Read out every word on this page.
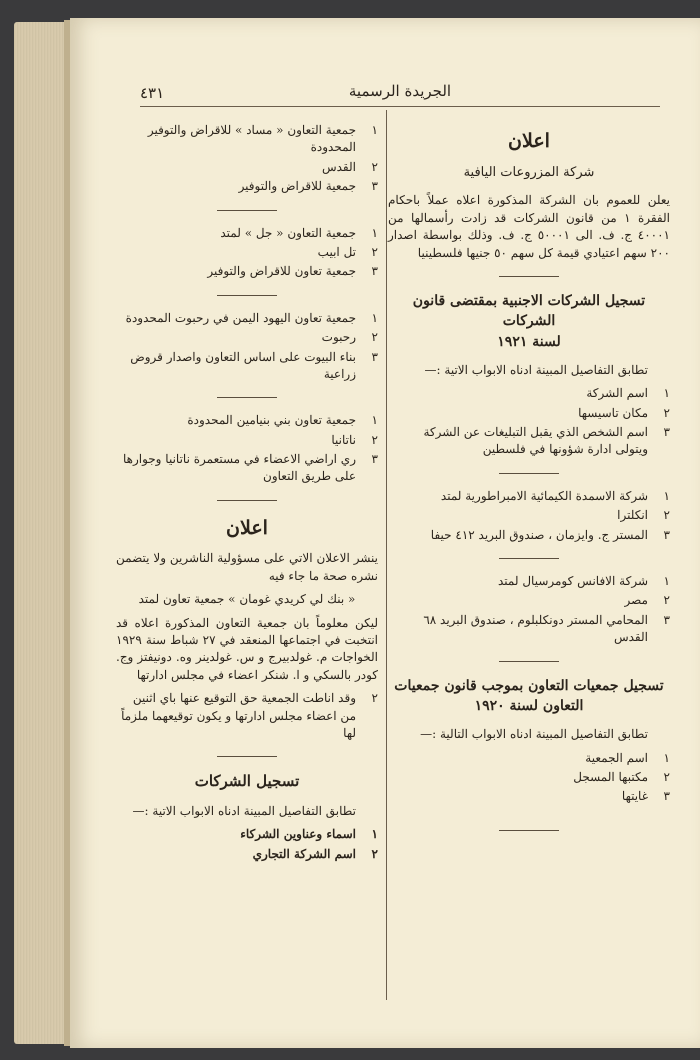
الجريدة الرسمية
٤٣١
اعلان
شركة المزروعات اليافية

يعلن للعموم بان الشركة المذكورة اعلاه عملاً باحكام الفقرة ١ من قانون الشركات قد زادت رأسمالها من ٤٠٠٠١ ج. ف. الى ٥٠٠٠١ ج. ف. وذلك بواسطة اصدار ٢٠٠ سهم اعتيادي قيمة كل سهم ٥٠ جنيها فلسطينيا

تسجيل الشركات الاجنبية بمقتضى قانون الشركات
لسنة ١٩٢١
تطابق التفاصيل المبينة ادناه الابواب الاتية :—
١
اسم الشركة
٢
مكان تاسيسها
٣
اسم الشخص الذي يقبل التبليغات عن الشركة ويتولى ادارة شؤونها في فلسطين
١
شركة الاسمدة الكيمائية الامبراطورية لمتد
٢
انكلترا
٣
المستر ج. وايزمان ، صندوق البريد ٤١٢ حيفا
١
شركة الافانس كومرسيال لمتد
٢
مصر
٣
المحامي المستر دونكلبلوم ، صندوق البريد ٦٨ القدس
تسجيل جمعيات التعاون بموجب قانون جمعيات
التعاون لسنة ١٩٢٠
تطابق التفاصيل المبينة ادناه الابواب التالية :—
١
اسم الجمعية
٢
مكتبها المسجل
٣
غايتها
١
جمعية التعاون « مساد » للاقراض والتوفير المحدودة
٢
القدس
٣
جمعية للاقراض والتوفير
١
جمعية التعاون « جل » لمتد
٢
تل ابيب
٣
جمعية تعاون للاقراض والتوفير
١
جمعية تعاون اليهود اليمن في رحبوت المحدودة
٢
رحبوت
٣
بناء البيوت على اساس التعاون واصدار قروض زراعية
١
جمعية تعاون بني بنيامين المحدودة
٢
ناتانيا
٣
ري اراضي الاعضاء في مستعمرة ناتانيا وجوارها على طريق التعاون
اعلان

ينشر الاعلان الاتي على مسؤولية الناشرين ولا يتضمن نشره صحة ما جاء فيه

« بنك لي كريدي غومان » جمعية تعاون لمتد

ليكن معلوماً بان جمعية التعاون المذكورة اعلاه قد انتخبت في اجتماعها المنعقد في ٢٧ شباط سنة ١٩٢٩ الخواجات م. غولدبيرج و س. غولدينر وه. دونيفتز وج. كودر بالسكي و ا. شنكر اعضاء في مجلس ادارتها

٢
وقد اناطت الجمعية حق التوقيع عنها باي اثنين من اعضاء مجلس ادارتها و يكون توقيعهما ملزماً لها
تسجيل الشركات
تطابق التفاصيل المبينة ادناه الابواب الاتية :—
١
اسماء وعناوين الشركاء
٢
اسم الشركة التجاري
